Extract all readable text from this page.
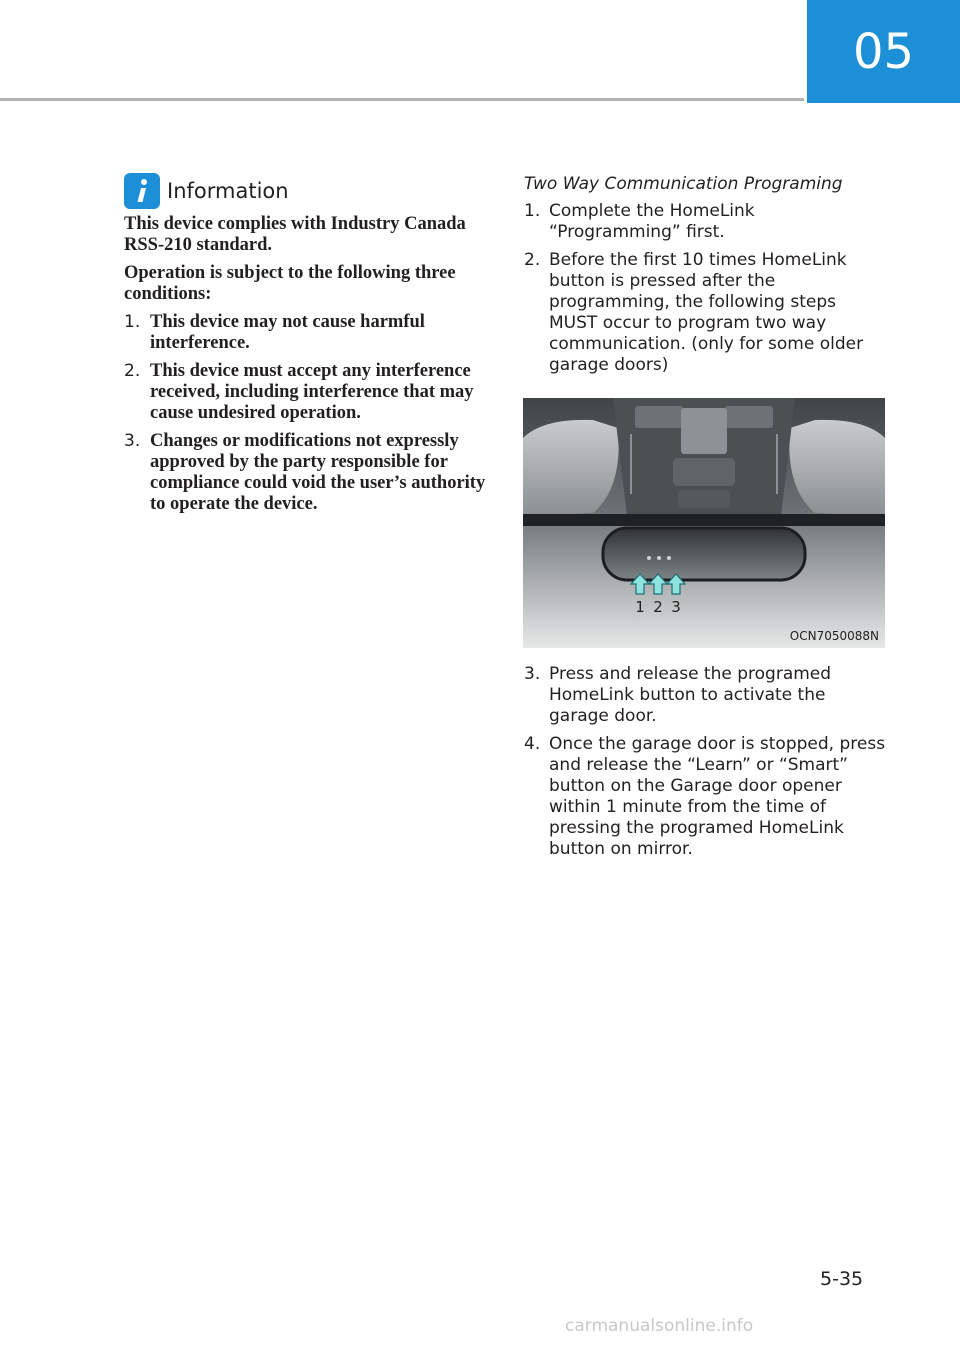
05
Information

This device complies with Industry Canada RSS-210 standard.

Operation is subject to the following three conditions:

1. This device may not cause harmful interference.
2. This device must accept any interference received, including interference that may cause undesired operation.
3. Changes or modifications not expressly approved by the party responsible for compliance could void the user’s authority to operate the device.
Two Way Communication Programing
1. Complete the HomeLink “Programming” first.
2. Before the first 10 times HomeLink button is pressed after the programming, the following steps MUST occur to program two way communication. (only for some older garage doors)
1 2 3
OCN7050088N
3. Press and release the programed HomeLink button to activate the garage door.
4. Once the garage door is stopped, press and release the “Learn” or “Smart” button on the Garage door opener within 1 minute from the time of pressing the programed HomeLink button on mirror.
5-35
carmanualsonline.info
